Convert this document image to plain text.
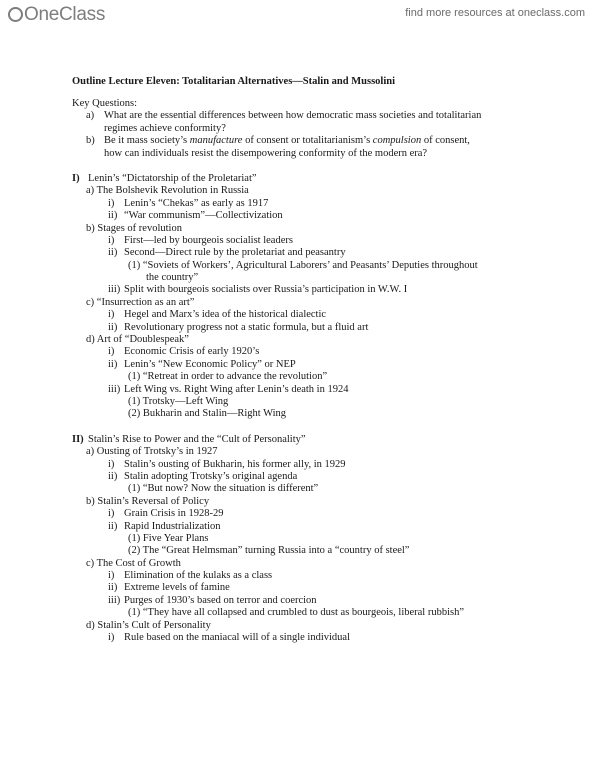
OneClass	find more resources at oneclass.com
Outline Lecture Eleven: Totalitarian Alternatives—Stalin and Mussolini
Key Questions:
a) What are the essential differences between how democratic mass societies and totalitarian
regimes achieve conformity?
b) Be it mass society’s manufacture of consent or totalitarianism’s compulsion of consent,
how can individuals resist the disempowering conformity of the modern era?
I) Lenin’s “Dictatorship of the Proletariat”
a) The Bolshevik Revolution in Russia
i) Lenin’s “Chekas” as early as 1917
ii) “War communism”—Collectivization
b) Stages of revolution
i) First—led by bourgeois socialist leaders
ii) Second—Direct rule by the proletariat and peasantry
(1) “Soviets of Workers’, Agricultural Laborers’ and Peasants’ Deputies throughout
the country”
iii) Split with bourgeois socialists over Russia’s participation in W.W. I
c) “Insurrection as an art”
i) Hegel and Marx’s idea of the historical dialectic
ii) Revolutionary progress not a static formula, but a fluid art
d) Art of “Doublespeak”
i) Economic Crisis of early 1920’s
ii) Lenin’s “New Economic Policy” or NEP
(1) “Retreat in order to advance the revolution”
iii) Left Wing vs. Right Wing after Lenin’s death in 1924
(1) Trotsky—Left Wing
(2) Bukharin and Stalin—Right Wing
II) Stalin’s Rise to Power and the “Cult of Personality”
a) Ousting of Trotsky’s in 1927
i) Stalin’s ousting of Bukharin, his former ally, in 1929
ii) Stalin adopting Trotsky’s original agenda
(1) “But now? Now the situation is different”
b) Stalin’s Reversal of Policy
i) Grain Crisis in 1928-29
ii) Rapid Industrialization
(1) Five Year Plans
(2) The “Great Helmsman” turning Russia into a “country of steel”
c) The Cost of Growth
i) Elimination of the kulaks as a class
ii) Extreme levels of famine
iii) Purges of 1930’s based on terror and coercion
(1) “They have all collapsed and crumbled to dust as bourgeois, liberal rubbish”
d) Stalin’s Cult of Personality
i) Rule based on the maniacal will of a single individual
